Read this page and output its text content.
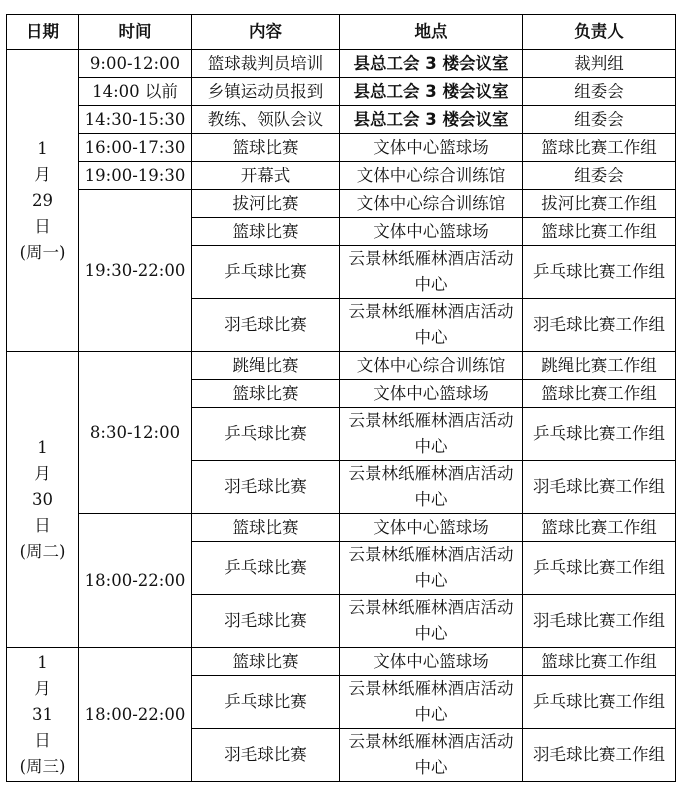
日期	时间	内容	地点	负责人

1
月
29
日
(周一)	9:00-12:00	篮球裁判员培训	县总工会 3 楼会议室	裁判组
	14:00 以前	乡镇运动员报到	县总工会 3 楼会议室	组委会
	14:30-15:30	教练、领队会议	县总工会 3 楼会议室	组委会
	16:00-17:30	篮球比赛	文体中心篮球场	篮球比赛工作组
	19:00-19:30	开幕式	文体中心综合训练馆	组委会
	19:30-22:00	拔河比赛	文体中心综合训练馆	拔河比赛工作组
		篮球比赛	文体中心篮球场	篮球比赛工作组
		乒乓球比赛	云景林纸雁林酒店活动中心	乒乓球比赛工作组
		羽毛球比赛	云景林纸雁林酒店活动中心	羽毛球比赛工作组

1
月
30
日
(周二)	8:30-12:00	跳绳比赛	文体中心综合训练馆	跳绳比赛工作组
		篮球比赛	文体中心篮球场	篮球比赛工作组
		乒乓球比赛	云景林纸雁林酒店活动中心	乒乓球比赛工作组
		羽毛球比赛	云景林纸雁林酒店活动中心	羽毛球比赛工作组
	18:00-22:00	篮球比赛	文体中心篮球场	篮球比赛工作组
		乒乓球比赛	云景林纸雁林酒店活动中心	乒乓球比赛工作组
		羽毛球比赛	云景林纸雁林酒店活动中心	羽毛球比赛工作组

1
月
31
日
(周三)	18:00-22:00	篮球比赛	文体中心篮球场	篮球比赛工作组
		乒乓球比赛	云景林纸雁林酒店活动中心	乒乓球比赛工作组
		羽毛球比赛	云景林纸雁林酒店活动中心	羽毛球比赛工作组
